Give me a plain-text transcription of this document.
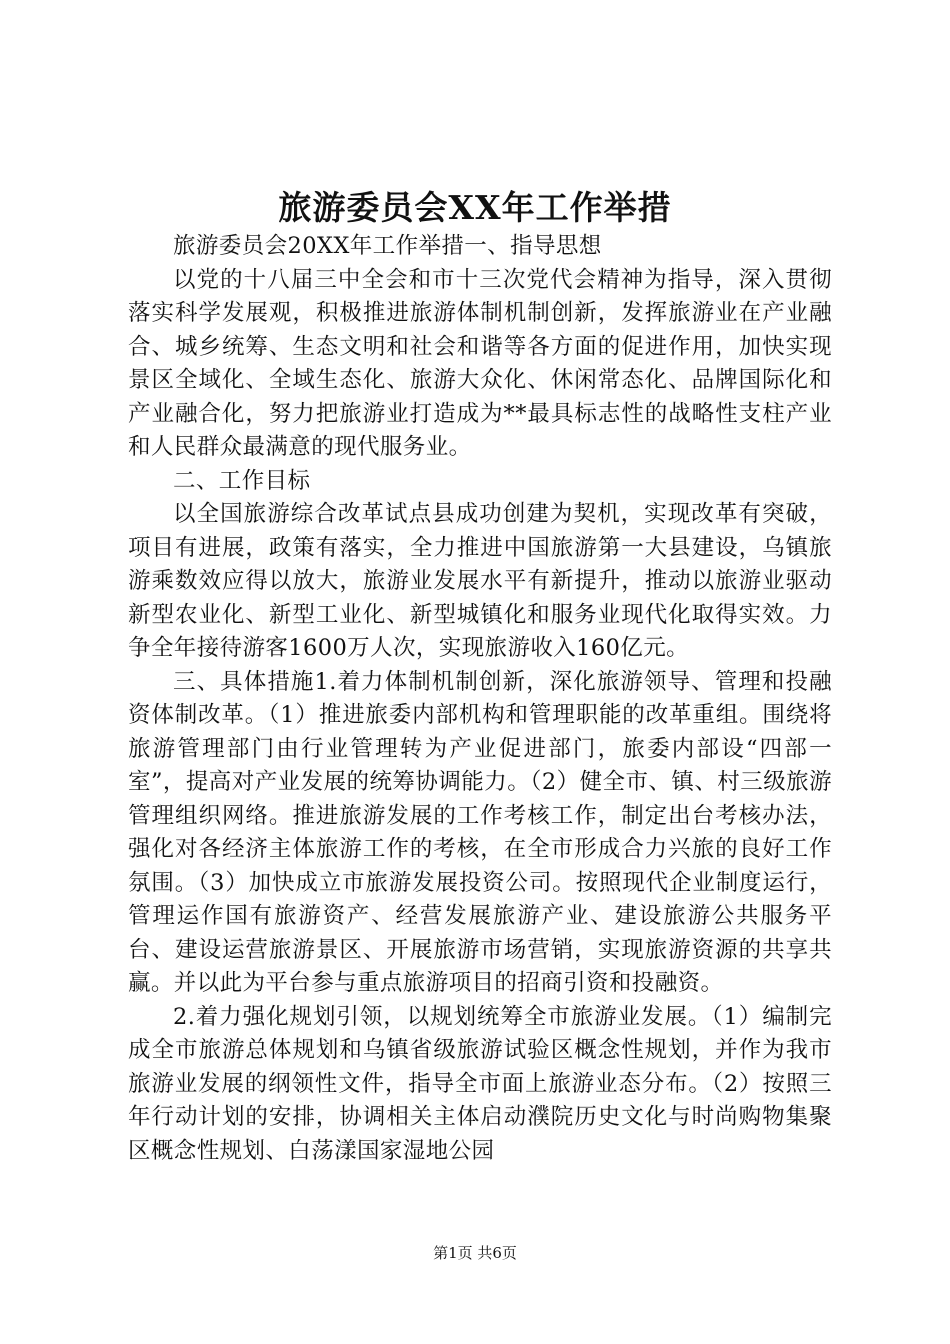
旅游委员会XX年工作举措

旅游委员会20XX年工作举措一、指导思想

以党的十八届三中全会和市十三次党代会精神为指导，深入贯彻落实科学发展观，积极推进旅游体制机制创新，发挥旅游业在产业融合、城乡统筹、生态文明和社会和谐等各方面的促进作用，加快实现景区全域化、全域生态化、旅游大众化、休闲常态化、品牌国际化和产业融合化，努力把旅游业打造成为**最具标志性的战略性支柱产业和人民群众最满意的现代服务业。

二、工作目标

以全国旅游综合改革试点县成功创建为契机，实现改革有突破，项目有进展，政策有落实，全力推进中国旅游第一大县建设，乌镇旅游乘数效应得以放大，旅游业发展水平有新提升，推动以旅游业驱动新型农业化、新型工业化、新型城镇化和服务业现代化取得实效。力争全年接待游客1600万人次，实现旅游收入160亿元。

三、具体措施1.着力体制机制创新，深化旅游领导、管理和投融资体制改革。（1）推进旅委内部机构和管理职能的改革重组。围绕将旅游管理部门由行业管理转为产业促进部门，旅委内部设“四部一室”，提高对产业发展的统筹协调能力。（2）健全市、镇、村三级旅游管理组织网络。推进旅游发展的工作考核工作，制定出台考核办法，强化对各经济主体旅游工作的考核，在全市形成合力兴旅的良好工作氛围。（3）加快成立市旅游发展投资公司。按照现代企业制度运行，管理运作国有旅游资产、经营发展旅游产业、建设旅游公共服务平台、建设运营旅游景区、开展旅游市场营销，实现旅游资源的共享共赢。并以此为平台参与重点旅游项目的招商引资和投融资。

2.着力强化规划引领，以规划统筹全市旅游业发展。（1）编制完成全市旅游总体规划和乌镇省级旅游试验区概念性规划，并作为我市旅游业发展的纲领性文件，指导全市面上旅游业态分布。（2）按照三年行动计划的安排，协调相关主体启动濮院历史文化与时尚购物集聚区概念性规划、白荡漾国家湿地公园

第1页 共6页
